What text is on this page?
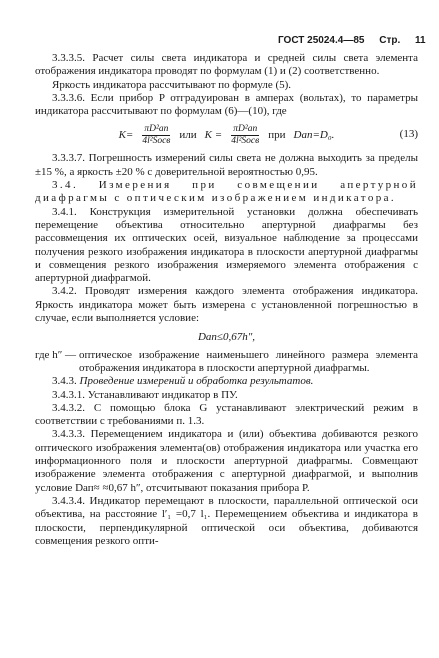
ГОСТ 25024.4—85 Стр. 11

3.3.3.5. Расчет силы света индикатора и средней силы света элемента отображения индикатора проводят по формулам (1) и (2) соответственно.

Яркость индикатора рассчитывают по формуле (5).

3.3.3.6. Если прибор P отградуирован в амперах (вольтах), то параметры индикатора рассчитывают по формулам (6)—(10), где

$K= \frac{\text{πD²ап}}{\text{4l²Sосв}}$ или $K = \frac{\text{πD²ап}}{\text{4l²Sосв}}$ при Dап=D₀.	(13)

3.3.3.7. Погрешность измерений силы света не должна выходить за пределы ±15 %, а яркость ±20 % с доверительной вероятностью 0,95.

3.4. Измерения при совмещении апертурной диафрагмы с оптическим изображением индикатора.

3.4.1. Конструкция измерительной установки должна обеспечивать перемещение объектива относительно апертурной диафрагмы без рассовмещения их оптических осей, визуальное наблюдение за процессами получения резкого изображения индикатора в плоскости апертурной диафрагмы и совмещения резкого изображения измеряемого элемента отображения с апертурной диафрагмой.

3.4.2. Проводят измерения каждого элемента отображения индикатора. Яркость индикатора может быть измерена с установленной погрешностью в случае, если выполняется условие:

Dап≤0,67h″,
где h″ — оптическое изображение наименьшего линейного размера элемента отображения индикатора в плоскости апертурной диафрагмы.

3.4.3. Проведение измерений и обработка результатов.

3.4.3.1. Устанавливают индикатор в ПУ.

3.4.3.2. С помощью блока G устанавливают электрический режим в соответствии с требованиями п. 1.3.

3.4.3.3. Перемещением индикатора и (или) объектива добиваются резкого оптического изображения элемента(ов) отображения индикатора или участка его информационного поля и плоскости апертурной диафрагмы. Совмещают изображение элемента отображения с апертурной диафрагмой, и выполнив условие Dап≈ ≈0,67 h″, отсчитывают показания прибора P.

3.4.3.4. Индикатор перемещают в плоскости, параллельной оптической оси объектива, на расстояние l′₁ =0,7 l₁. Перемещением объектива и индикатора в плоскости, перпендикулярной оптической оси объектива, добиваются совмещения резкого опти-
